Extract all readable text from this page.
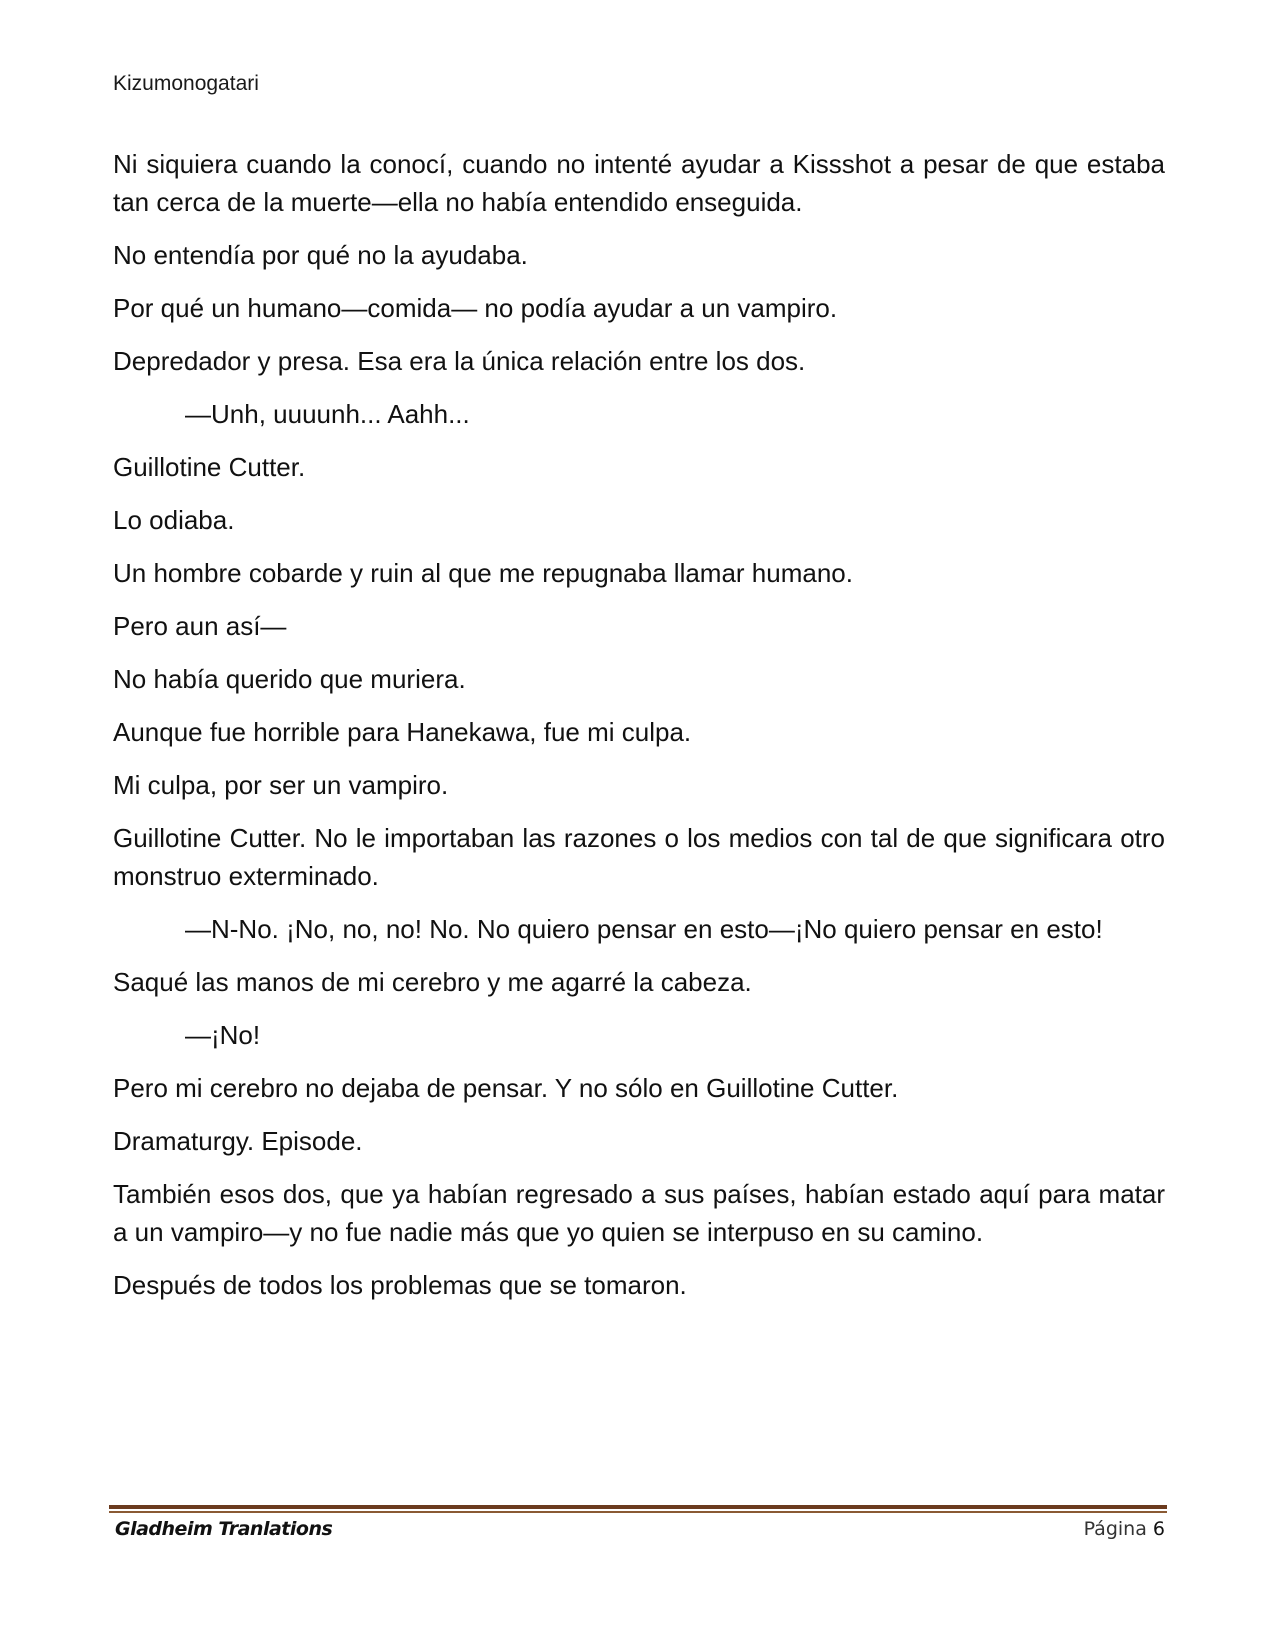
Kizumonogatari

Ni siquiera cuando la conocí, cuando no intenté ayudar a Kissshot a pesar de que estaba tan cerca de la muerte—ella no había entendido enseguida.

No entendía por qué no la ayudaba.

Por qué un humano—comida— no podía ayudar a un vampiro.

Depredador y presa. Esa era la única relación entre los dos.

—Unh, uuuunh... Aahh...

Guillotine Cutter.

Lo odiaba.

Un hombre cobarde y ruin al que me repugnaba llamar humano.

Pero aun así—

No había querido que muriera.

Aunque fue horrible para Hanekawa, fue mi culpa.

Mi culpa, por ser un vampiro.

Guillotine Cutter. No le importaban las razones o los medios con tal de que significara otro monstruo exterminado.

—N-No. ¡No, no, no! No. No quiero pensar en esto—¡No quiero pensar en esto!

Saqué las manos de mi cerebro y me agarré la cabeza.

—¡No!

Pero mi cerebro no dejaba de pensar. Y no sólo en Guillotine Cutter.

Dramaturgy. Episode.

También esos dos, que ya habían regresado a sus países, habían estado aquí para matar a un vampiro—y no fue nadie más que yo quien se interpuso en su camino.

Después de todos los problemas que se tomaron.

Gladheim Tranlations	Página 6
